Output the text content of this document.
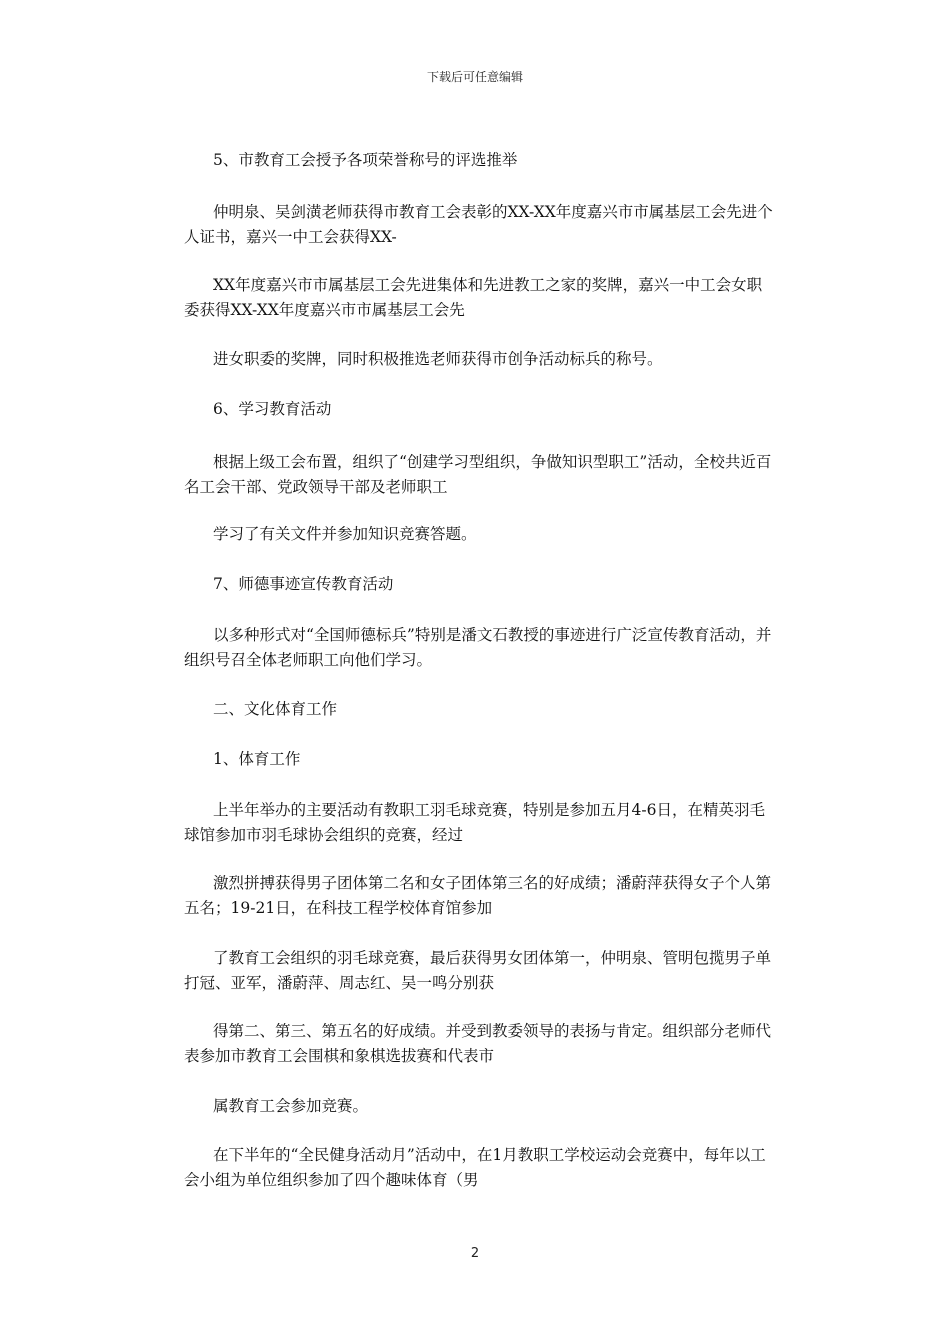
下载后可任意编辑
5、市教育工会授予各项荣誉称号的评选推举
仲明泉、吴剑潢老师获得市教育工会表彰的XX-XX年度嘉兴市市属基层工会先进个人证书，嘉兴一中工会获得XX-
XX年度嘉兴市市属基层工会先进集体和先进教工之家的奖牌，嘉兴一中工会女职委获得XX-XX年度嘉兴市市属基层工会先
进女职委的奖牌，同时积极推选老师获得市创争活动标兵的称号。
6、学习教育活动
根据上级工会布置，组织了“创建学习型组织，争做知识型职工”活动，全校共近百名工会干部、党政领导干部及老师职工
学习了有关文件并参加知识竞赛答题。
7、师德事迹宣传教育活动
以多种形式对“全国师德标兵”特别是潘文石教授的事迹进行广泛宣传教育活动，并组织号召全体老师职工向他们学习。
二、文化体育工作
1、体育工作
上半年举办的主要活动有教职工羽毛球竞赛，特别是参加五月4-6日，在精英羽毛球馆参加市羽毛球协会组织的竞赛，经过
激烈拼搏获得男子团体第二名和女子团体第三名的好成绩；潘蔚萍获得女子个人第五名；19-21日，在科技工程学校体育馆参加
了教育工会组织的羽毛球竞赛，最后获得男女团体第一，仲明泉、管明包揽男子单打冠、亚军，潘蔚萍、周志红、吴一鸣分别获
得第二、第三、第五名的好成绩。并受到教委领导的表扬与肯定。组织部分老师代表参加市教育工会围棋和象棋选拔赛和代表市
属教育工会参加竞赛。
在下半年的“全民健身活动月”活动中，在1月教职工学校运动会竞赛中，每年以工会小组为单位组织参加了四个趣味体育（男
2
